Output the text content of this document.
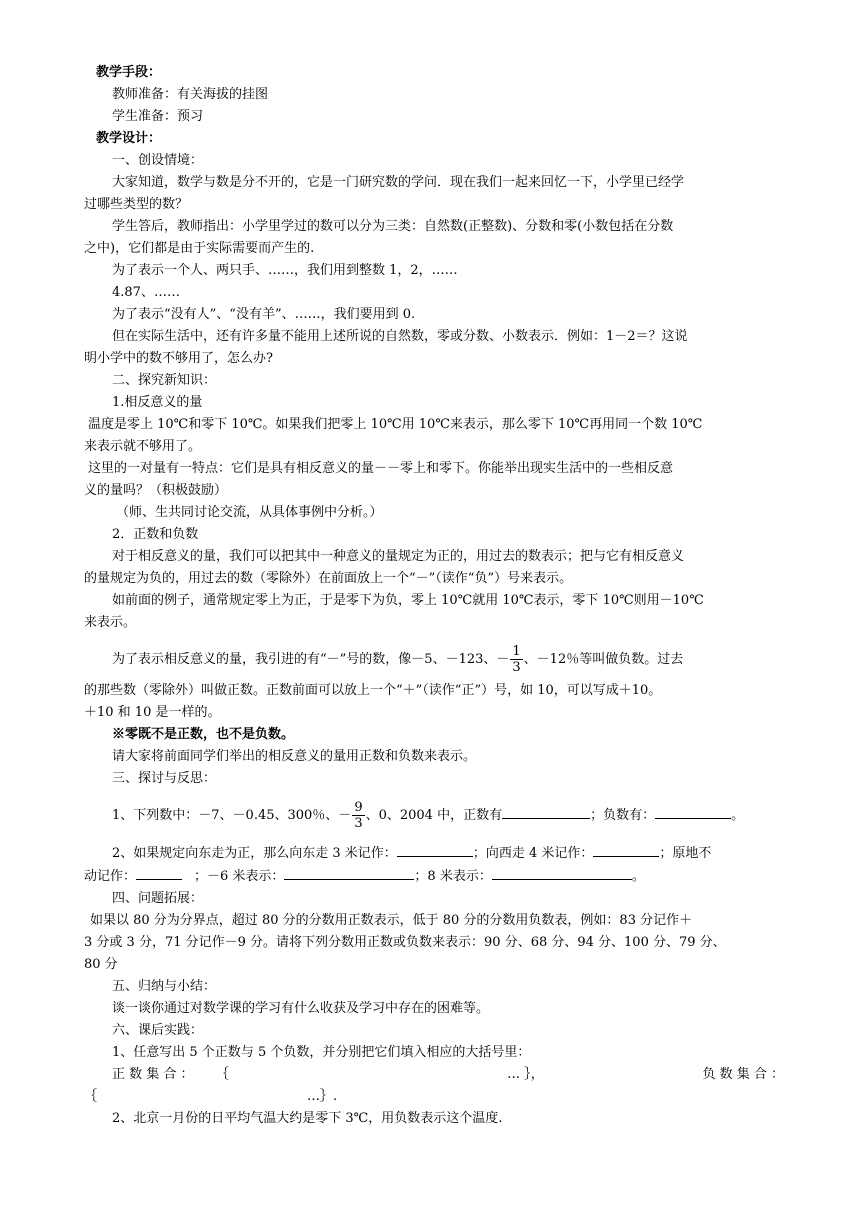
教学手段：
教师准备：有关海拔的挂图
学生准备：预习
教学设计：
一、创设情境：
大家知道，数学与数是分不开的，它是一门研究数的学问．现在我们一起来回忆一下，小学里已经学
过哪些类型的数？
学生答后，教师指出：小学里学过的数可以分为三类：自然数(正整数)、分数和零(小数包括在分数
之中)，它们都是由于实际需要而产生的.
为了表示一个人、两只手、……，我们用到整数 1，2，……
4.87、……
为了表示“没有人”、“没有羊”、……，我们要用到 0.
但在实际生活中，还有许多量不能用上述所说的自然数，零或分数、小数表示．例如：1－2＝？这说
明小学中的数不够用了，怎么办?
二、探究新知识：
1.相反意义的量
温度是零上 10℃和零下 10℃。如果我们把零上 10℃用 10℃来表示，那么零下 10℃再用同一个数 10℃
来表示就不够用了。
这里的一对量有一特点：它们是具有相反意义的量－－零上和零下。你能举出现实生活中的一些相反意
义的量吗？（积极鼓励）
（师、生共同讨论交流，从具体事例中分析。）
2．正数和负数
对于相反意义的量，我们可以把其中一种意义的量规定为正的，用过去的数表示；把与它有相反意义
的量规定为负的，用过去的数（零除外）在前面放上一个“－”（读作“负”）号来表示。
如前面的例子，通常规定零上为正，于是零下为负，零上 10℃就用 10℃表示，零下 10℃则用－10℃
来表示。
为了表示相反意义的量，我引进的有“－”号的数，像－5、－123、－ $\frac{1}{3}$ 、－12％等叫做负数。过去
的那些数（零除外）叫做正数。正数前面可以放上一个“＋”（读作“正”）号，如 10，可以写成＋10。
＋10 和 10 是一样的。
※零既不是正数，也不是负数。
请大家将前面同学们举出的相反意义的量用正数和负数来表示。
三、探讨与反思：
1、下列数中：－7、－0.45、300％、－ $\frac{9}{3}$ 、0、2004 中，正数有	；负数有：	。
2、如果规定向东走为正，那么向东走 3 米记作：	；向西走 4 米记作：	；原地不
动记作：	；－6 米表示：	；8 米表示：	。
四、问题拓展：
如果以 80 分为分界点，超过 80 分的分数用正数表示，低于 80 分的分数用负数表，例如：83 分记作＋
3 分或 3 分，71 分记作－9 分。请将下列分数用正数或负数来表示：90 分、68 分、94 分、100 分、79 分、
80 分
五、归纳与小结：
谈一谈你通过对数学课的学习有什么收获及学习中存在的困难等。
六、课后实践：
1、任意写出 5 个正数与 5 个负数，并分别把它们填入相应的大括号里：
正 数 集 合 ： ｛	… ｝，	负 数 集 合 ：
｛	…｝.
2、北京一月份的日平均气温大约是零下 3℃，用负数表示这个温度.
